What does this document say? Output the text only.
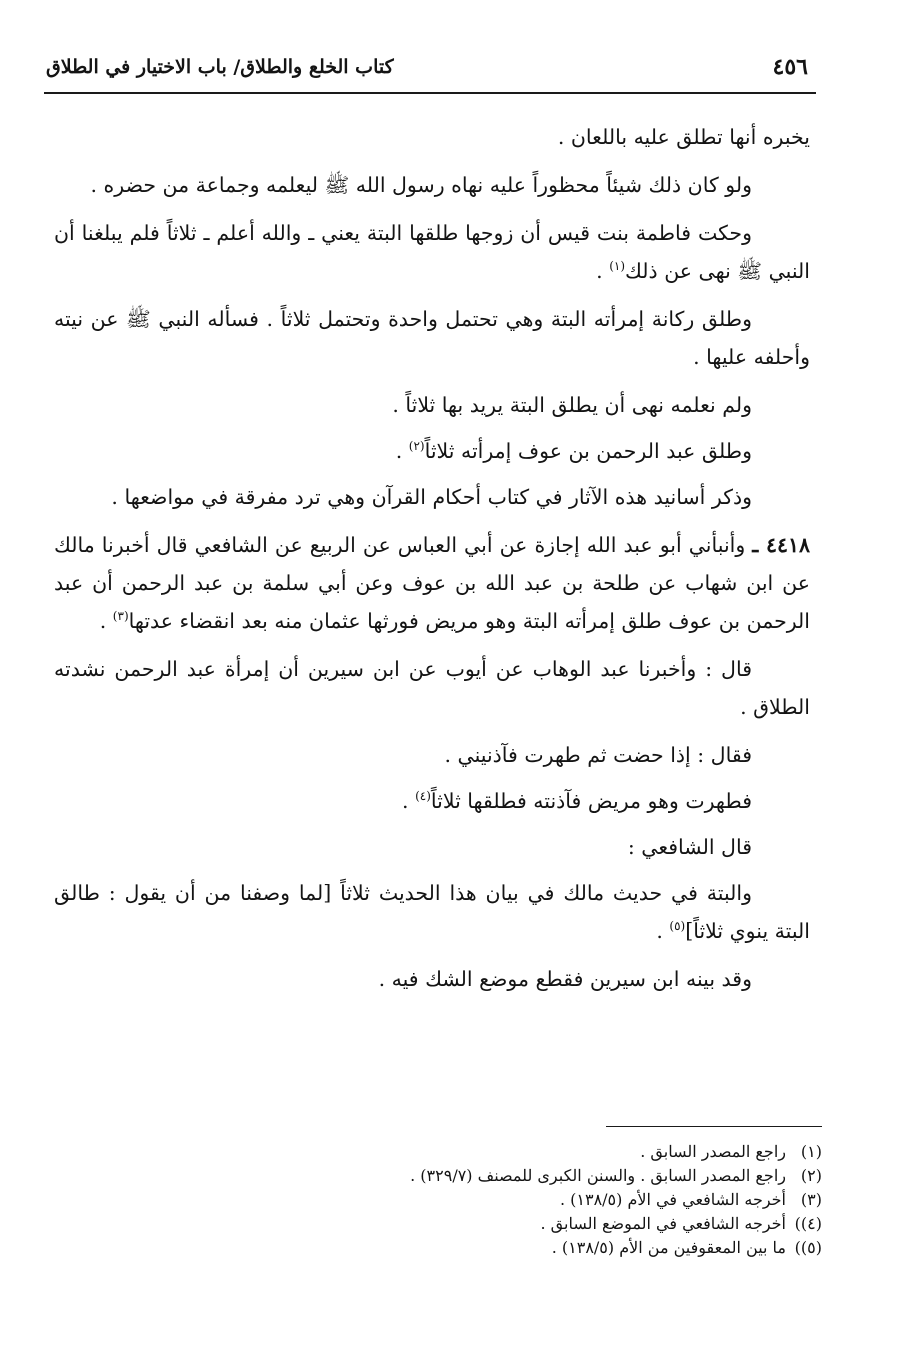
٤٥٦
كتاب الخلع والطلاق/ باب الاختيار في الطلاق

يخبره أنها تطلق عليه باللعان .

ولو كان ذلك شيئاً محظوراً عليه نهاه رسول الله ﷺ ليعلمه وجماعة من حضره .

وحكت فاطمة بنت قيس أن زوجها طلقها البتة يعني ـ والله أعلم ـ ثلاثاً فلم يبلغنا أن النبي ﷺ نهى عن ذلك$^{(١)}$ .

وطلق ركانة إمرأته البتة وهي تحتمل واحدة وتحتمل ثلاثاً . فسأله النبي ﷺ عن نيته وأحلفه عليها .

ولم نعلمه نهى أن يطلق البتة يريد بها ثلاثاً .

وطلق عبد الرحمن بن عوف إمرأته ثلاثاً$^{(٢)}$ .

وذكر أسانيد هذه الآثار في كتاب أحكام القرآن وهي ترد مفرقة في مواضعها .

٤٤١٨ ـ وأنبأني أبو عبد الله إجازة عن أبي العباس عن الربيع عن الشافعي قال أخبرنا مالك عن ابن شهاب عن طلحة بن عبد الله بن عوف وعن أبي سلمة بن عبد الرحمن أن عبد الرحمن بن عوف طلق إمرأته البتة وهو مريض فورثها عثمان منه بعد انقضاء عدتها$^{(٣)}$ .

قال : وأخبرنا عبد الوهاب عن أيوب عن ابن سيرين أن إمرأة عبد الرحمن نشدته الطلاق .

فقال : إذا حضت ثم طهرت فآذنيني .

فطهرت وهو مريض فآذنته فطلقها ثلاثاً$^{(٤)}$ .

قال الشافعي :

والبتة في حديث مالك في بيان هذا الحديث ثلاثاً [لما وصفنا من أن يقول : طالق البتة ينوي ثلاثاً]$^{(٥)}$ .

وقد بينه ابن سيرين فقطع موضع الشك فيه .

(١)راجع المصدر السابق .
(٢)راجع المصدر السابق . والسنن الكبرى للمصنف (٣٢٩/٧) .
(٣)أخرجه الشافعي في الأم (١٣٨/٥) .
(٤))أخرجه الشافعي في الموضع السابق .
(٥))ما بين المعقوفين من الأم (١٣٨/٥) .
